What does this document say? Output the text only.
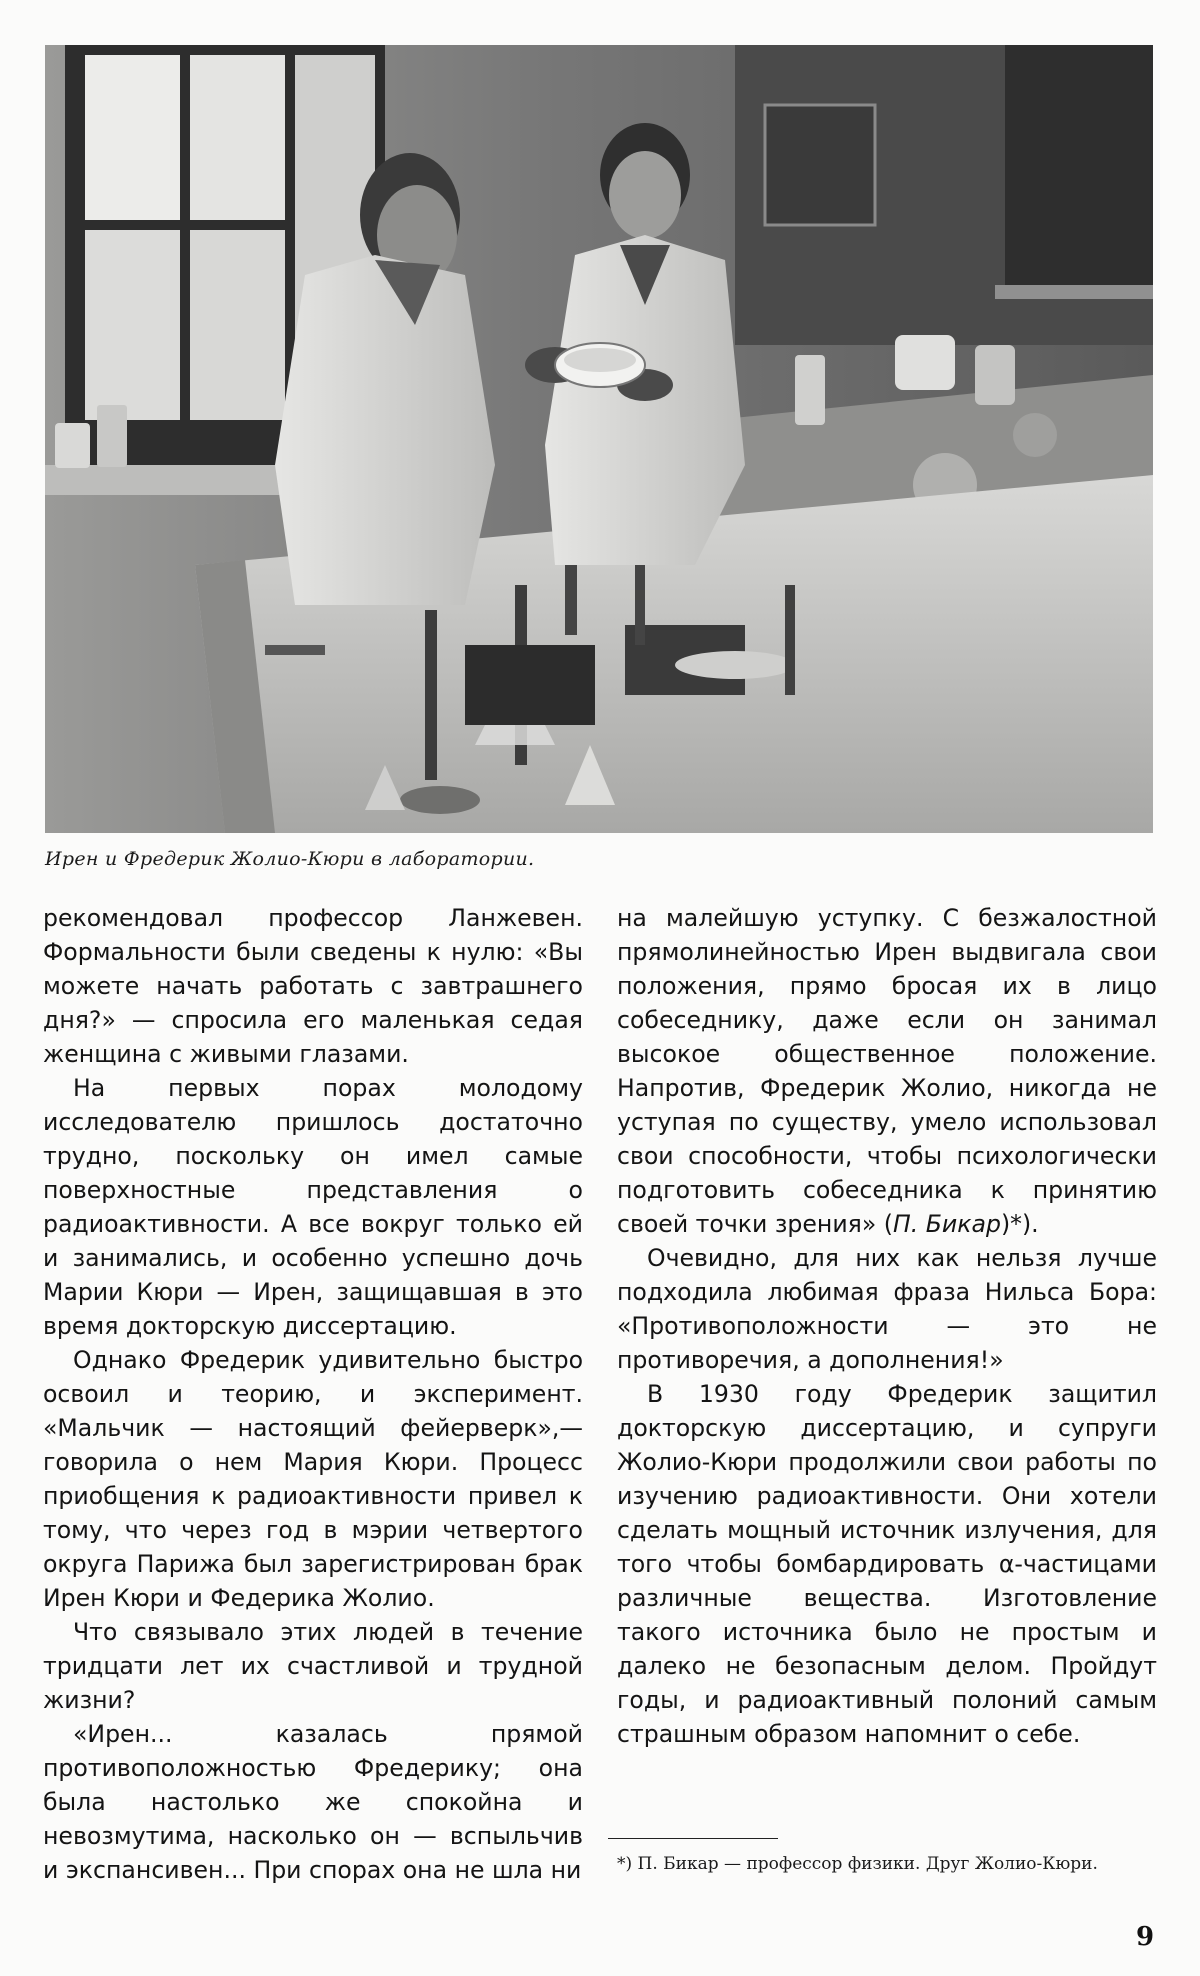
Ирен и Фредерик Жолио-Кюри в лаборатории.

рекомендовал профессор Ланжевен. Формальности были сведены к нулю: «Вы можете начать работать с завтрашнего дня?» — спросила его маленькая седая женщина с живыми глазами.

На первых порах молодому исследователю пришлось достаточно трудно, поскольку он имел самые поверхностные представления о радиоактивности. А все вокруг только ей и занимались, и особенно успешно дочь Марии Кюри — Ирен, защищавшая в это время докторскую диссертацию.

Однако Фредерик удивительно быстро освоил и теорию, и эксперимент. «Мальчик — настоящий фейерверк»,— говорила о нем Мария Кюри. Процесс приобщения к радиоактивности привел к тому, что через год в мэрии четвертого округа Парижа был зарегистрирован брак Ирен Кюри и Федерика Жолио.

Что связывало этих людей в течение тридцати лет их счастливой и трудной жизни?

«Ирен... казалась прямой противоположностью Фредерику; она была настолько же спокойна и невозмутима, насколько он — вспыльчив и экспансивен... При спорах она не шла ни

на малейшую уступку. С безжалостной прямолинейностью Ирен выдвигала свои положения, прямо бросая их в лицо собеседнику, даже если он занимал высокое общественное положение. Напротив, Фредерик Жолио, никогда не уступая по существу, умело использовал свои способности, чтобы психологически подготовить собеседника к принятию своей точки зрения» (П. Бикар)*).

Очевидно, для них как нельзя лучше подходила любимая фраза Нильса Бора: «Противоположности — это не противоречия, а дополнения!»

В 1930 году Фредерик защитил докторскую диссертацию, и супруги Жолио-Кюри продолжили свои работы по изучению радиоактивности. Они хотели сделать мощный источник излучения, для того чтобы бомбардировать α-частицами различные вещества. Изготовление такого источника было не простым и далеко не безопасным делом. Пройдут годы, и радиоактивный полоний самым страшным образом напомнит о себе.

*) П. Бикар — профессор физики. Друг Жолио-Кюри.
9
